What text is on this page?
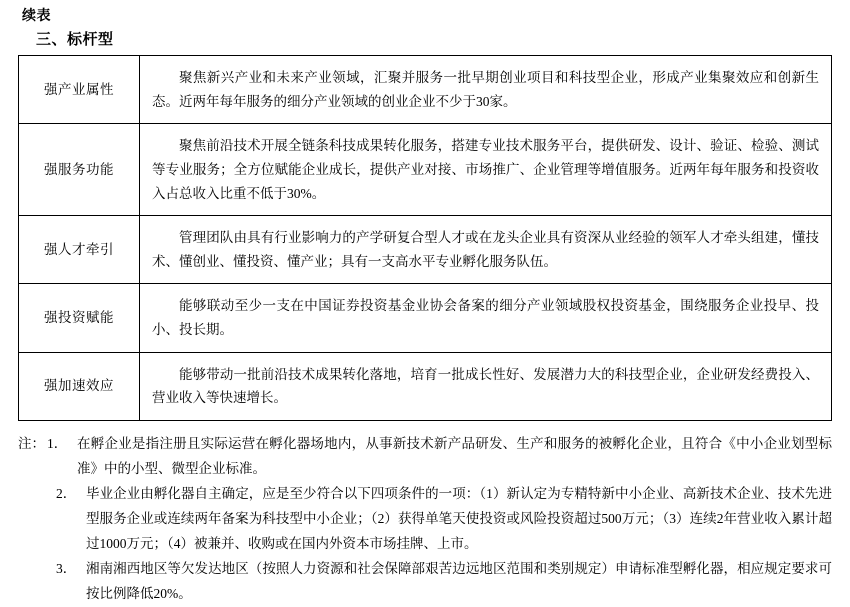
续表
三、标杆型
强产业属性	聚焦新兴产业和未来产业领域，汇聚并服务一批早期创业项目和科技型企业，形成产业集聚效应和创新生态。近两年每年服务的细分产业领域的创业企业不少于30家。

强服务功能	聚焦前沿技术开展全链条科技成果转化服务，搭建专业技术服务平台，提供研发、设计、验证、检验、测试等专业服务；全方位赋能企业成长，提供产业对接、市场推广、企业管理等增值服务。近两年每年服务和投资收入占总收入比重不低于30%。

强人才牵引	管理团队由具有行业影响力的产学研复合型人才或在龙头企业具有资深从业经验的领军人才牵头组建，懂技术、懂创业、懂投资、懂产业；具有一支高水平专业孵化服务队伍。

强投资赋能	能够联动至少一支在中国证券投资基金业协会备案的细分产业领域股权投资基金，围绕服务企业投早、投小、投长期。

强加速效应	能够带动一批前沿技术成果转化落地，培育一批成长性好、发展潜力大的科技型企业，企业研发经费投入、营业收入等快速增长。
注： 1． 在孵企业是指注册且实际运营在孵化器场地内，从事新技术新产品研发、生产和服务的被孵化企业，且符合《中小企业划型标准》中的小型、微型企业标准。
2． 毕业企业由孵化器自主确定，应是至少符合以下四项条件的一项：（1）新认定为专精特新中小企业、高新技术企业、技术先进型服务企业或连续两年备案为科技型中小企业；（2）获得单笔天使投资或风险投资超过500万元；（3）连续2年营业收入累计超过1000万元；（4）被兼并、收购或在国内外资本市场挂牌、上市。
3． 湘南湘西地区等欠发达地区（按照人力资源和社会保障部艰苦边远地区范围和类别规定）申请标准型孵化器，相应规定要求可按比例降低20%。
